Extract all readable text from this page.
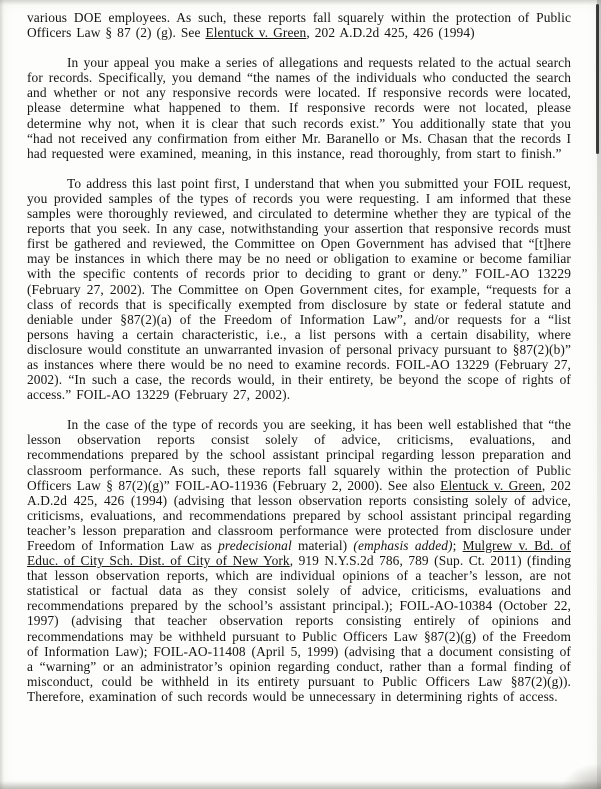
various DOE employees. As such, these reports fall squarely within the protection of Public Officers Law § 87 (2) (g). See Elentuck v. Green, 202 A.D.2d 425, 426 (1994)

In your appeal you make a series of allegations and requests related to the actual search for records. Specifically, you demand “the names of the individuals who conducted the search and whether or not any responsive records were located. If responsive records were located, please determine what happened to them. If responsive records were not located, please determine why not, when it is clear that such records exist.” You additionally state that you “had not received any confirmation from either Mr. Baranello or Ms. Chasan that the records I had requested were examined, meaning, in this instance, read thoroughly, from start to finish.”

To address this last point first, I understand that when you submitted your FOIL request, you provided samples of the types of records you were requesting. I am informed that these samples were thoroughly reviewed, and circulated to determine whether they are typical of the reports that you seek. In any case, notwithstanding your assertion that responsive records must first be gathered and reviewed, the Committee on Open Government has advised that “[t]here may be instances in which there may be no need or obligation to examine or become familiar with the specific contents of records prior to deciding to grant or deny.” FOIL-AO 13229 (February 27, 2002). The Committee on Open Government cites, for example, “requests for a class of records that is specifically exempted from disclosure by state or federal statute and deniable under §87(2)(a) of the Freedom of Information Law”, and/or requests for a “list persons having a certain characteristic, i.e., a list persons with a certain disability, where disclosure would constitute an unwarranted invasion of personal privacy pursuant to §87(2)(b)” as instances where there would be no need to examine records. FOIL-AO 13229 (February 27, 2002). “In such a case, the records would, in their entirety, be beyond the scope of rights of access.” FOIL-AO 13229 (February 27, 2002).

In the case of the type of records you are seeking, it has been well established that “the lesson observation reports consist solely of advice, criticisms, evaluations, and recommendations prepared by the school assistant principal regarding lesson preparation and classroom performance. As such, these reports fall squarely within the protection of Public Officers Law § 87(2)(g)” FOIL-AO-11936 (February 2, 2000). See also Elentuck v. Green, 202 A.D.2d 425, 426 (1994) (advising that lesson observation reports consisting solely of advice, criticisms, evaluations, and recommendations prepared by school assistant principal regarding teacher’s lesson preparation and classroom performance were protected from disclosure under Freedom of Information Law as predecisional material) (emphasis added); Mulgrew v. Bd. of Educ. of City Sch. Dist. of City of New York, 919 N.Y.S.2d 786, 789 (Sup. Ct. 2011) (finding that lesson observation reports, which are individual opinions of a teacher’s lesson, are not statistical or factual data as they consist solely of advice, criticisms, evaluations and recommendations prepared by the school’s assistant principal.); FOIL-AO-10384 (October 22, 1997) (advising that teacher observation reports consisting entirely of opinions and recommendations may be withheld pursuant to Public Officers Law §87(2)(g) of the Freedom of Information Law); FOIL-AO-11408 (April 5, 1999) (advising that a document consisting of a “warning” or an administrator’s opinion regarding conduct, rather than a formal finding of misconduct, could be withheld in its entirety pursuant to Public Officers Law §87(2)(g)). Therefore, examination of such records would be unnecessary in determining rights of access.
